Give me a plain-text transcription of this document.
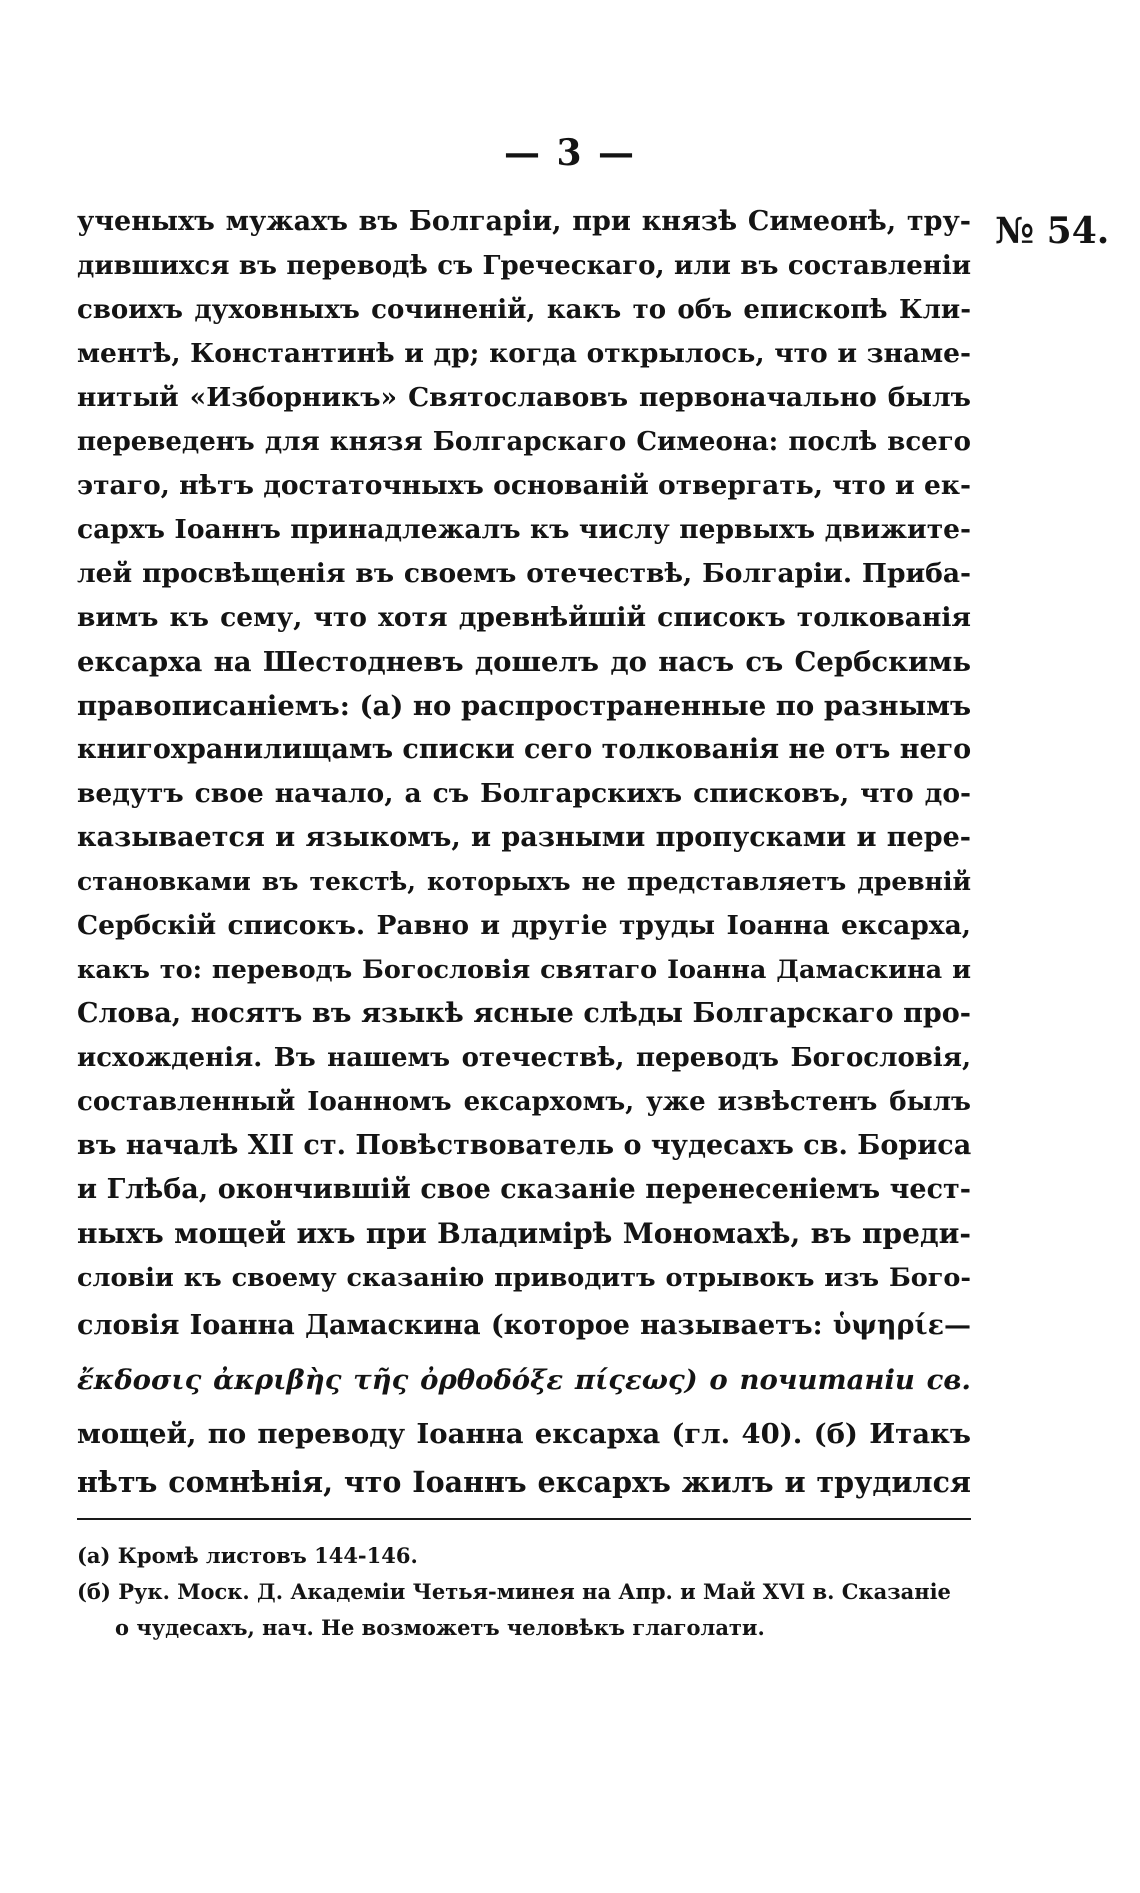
— 3 —
№ 54.
ученыхъ мужахъ въ Болгаріи, при князѣ Симеонѣ, тру-
дившихся въ переводѣ съ Греческаго, или въ составленіи
своихъ духовныхъ сочиненій, какъ то объ епископѣ Кли-
ментѣ, Константинѣ и др; когда открылось, что и знаме-
нитый «Изборникъ» Святославовъ первоначально былъ
переведенъ для князя Болгарскаго Симеона: послѣ всего
этаго, нѣтъ достаточныхъ основаній отвергать, что и ек-
сархъ Іоаннъ принадлежалъ къ числу первыхъ движите-
лей просвѣщенія въ своемъ отечествѣ, Болгаріи. Приба-
вимъ къ сему, что хотя древнѣйшій списокъ толкованія
ексарха на Шестодневъ дошелъ до насъ съ Сербскимь
правописаніемъ: (а) но распространенные по разнымъ
книгохранилищамъ списки сего толкованія не отъ него
ведутъ свое начало, а съ Болгарскихъ списковъ, что до-
казывается и языкомъ, и разными пропусками и пере-
становками въ текстѣ, которыхъ не представляетъ древній
Сербскій списокъ. Равно и другіе труды Іоанна ексарха,
какъ то: переводъ Богословія святаго Іоанна Дамаскина и
Слова, носятъ въ языкѣ ясные слѣды Болгарскаго про-
исхожденія. Въ нашемъ отечествѣ, переводъ Богословія,
составленный Іоанномъ ексархомъ, уже извѣстенъ былъ
въ началѣ XII ст. Повѣствователь о чудесахъ св. Бориса
и Глѣба, окончившій свое сказаніе перенесеніемъ чест-
ныхъ мощей ихъ при Владимірѣ Мономахѣ, въ преди-
словіи къ своему сказанію приводитъ отрывокъ изъ Бого-
словія Іоанна Дамаскина (которое называетъ: ὑψηρίε—
ἔκδοσις ἀκριβὴς τῆς ὀρθοδόξε πίςεως) о почитаніи св.
мощей, по переводу Іоанна ексарха (гл. 40). (б) Итакъ
нѣтъ сомнѣнія, что Іоаннъ ексархъ жилъ и трудился
(а) Кромѣ листовъ 144-146.
(б) Рук. Моск. Д. Академіи Четья-минея на Апр. и Май XVI в. Сказаніе
о чудесахъ, нач. Не возможетъ человѣкъ глаголати.
